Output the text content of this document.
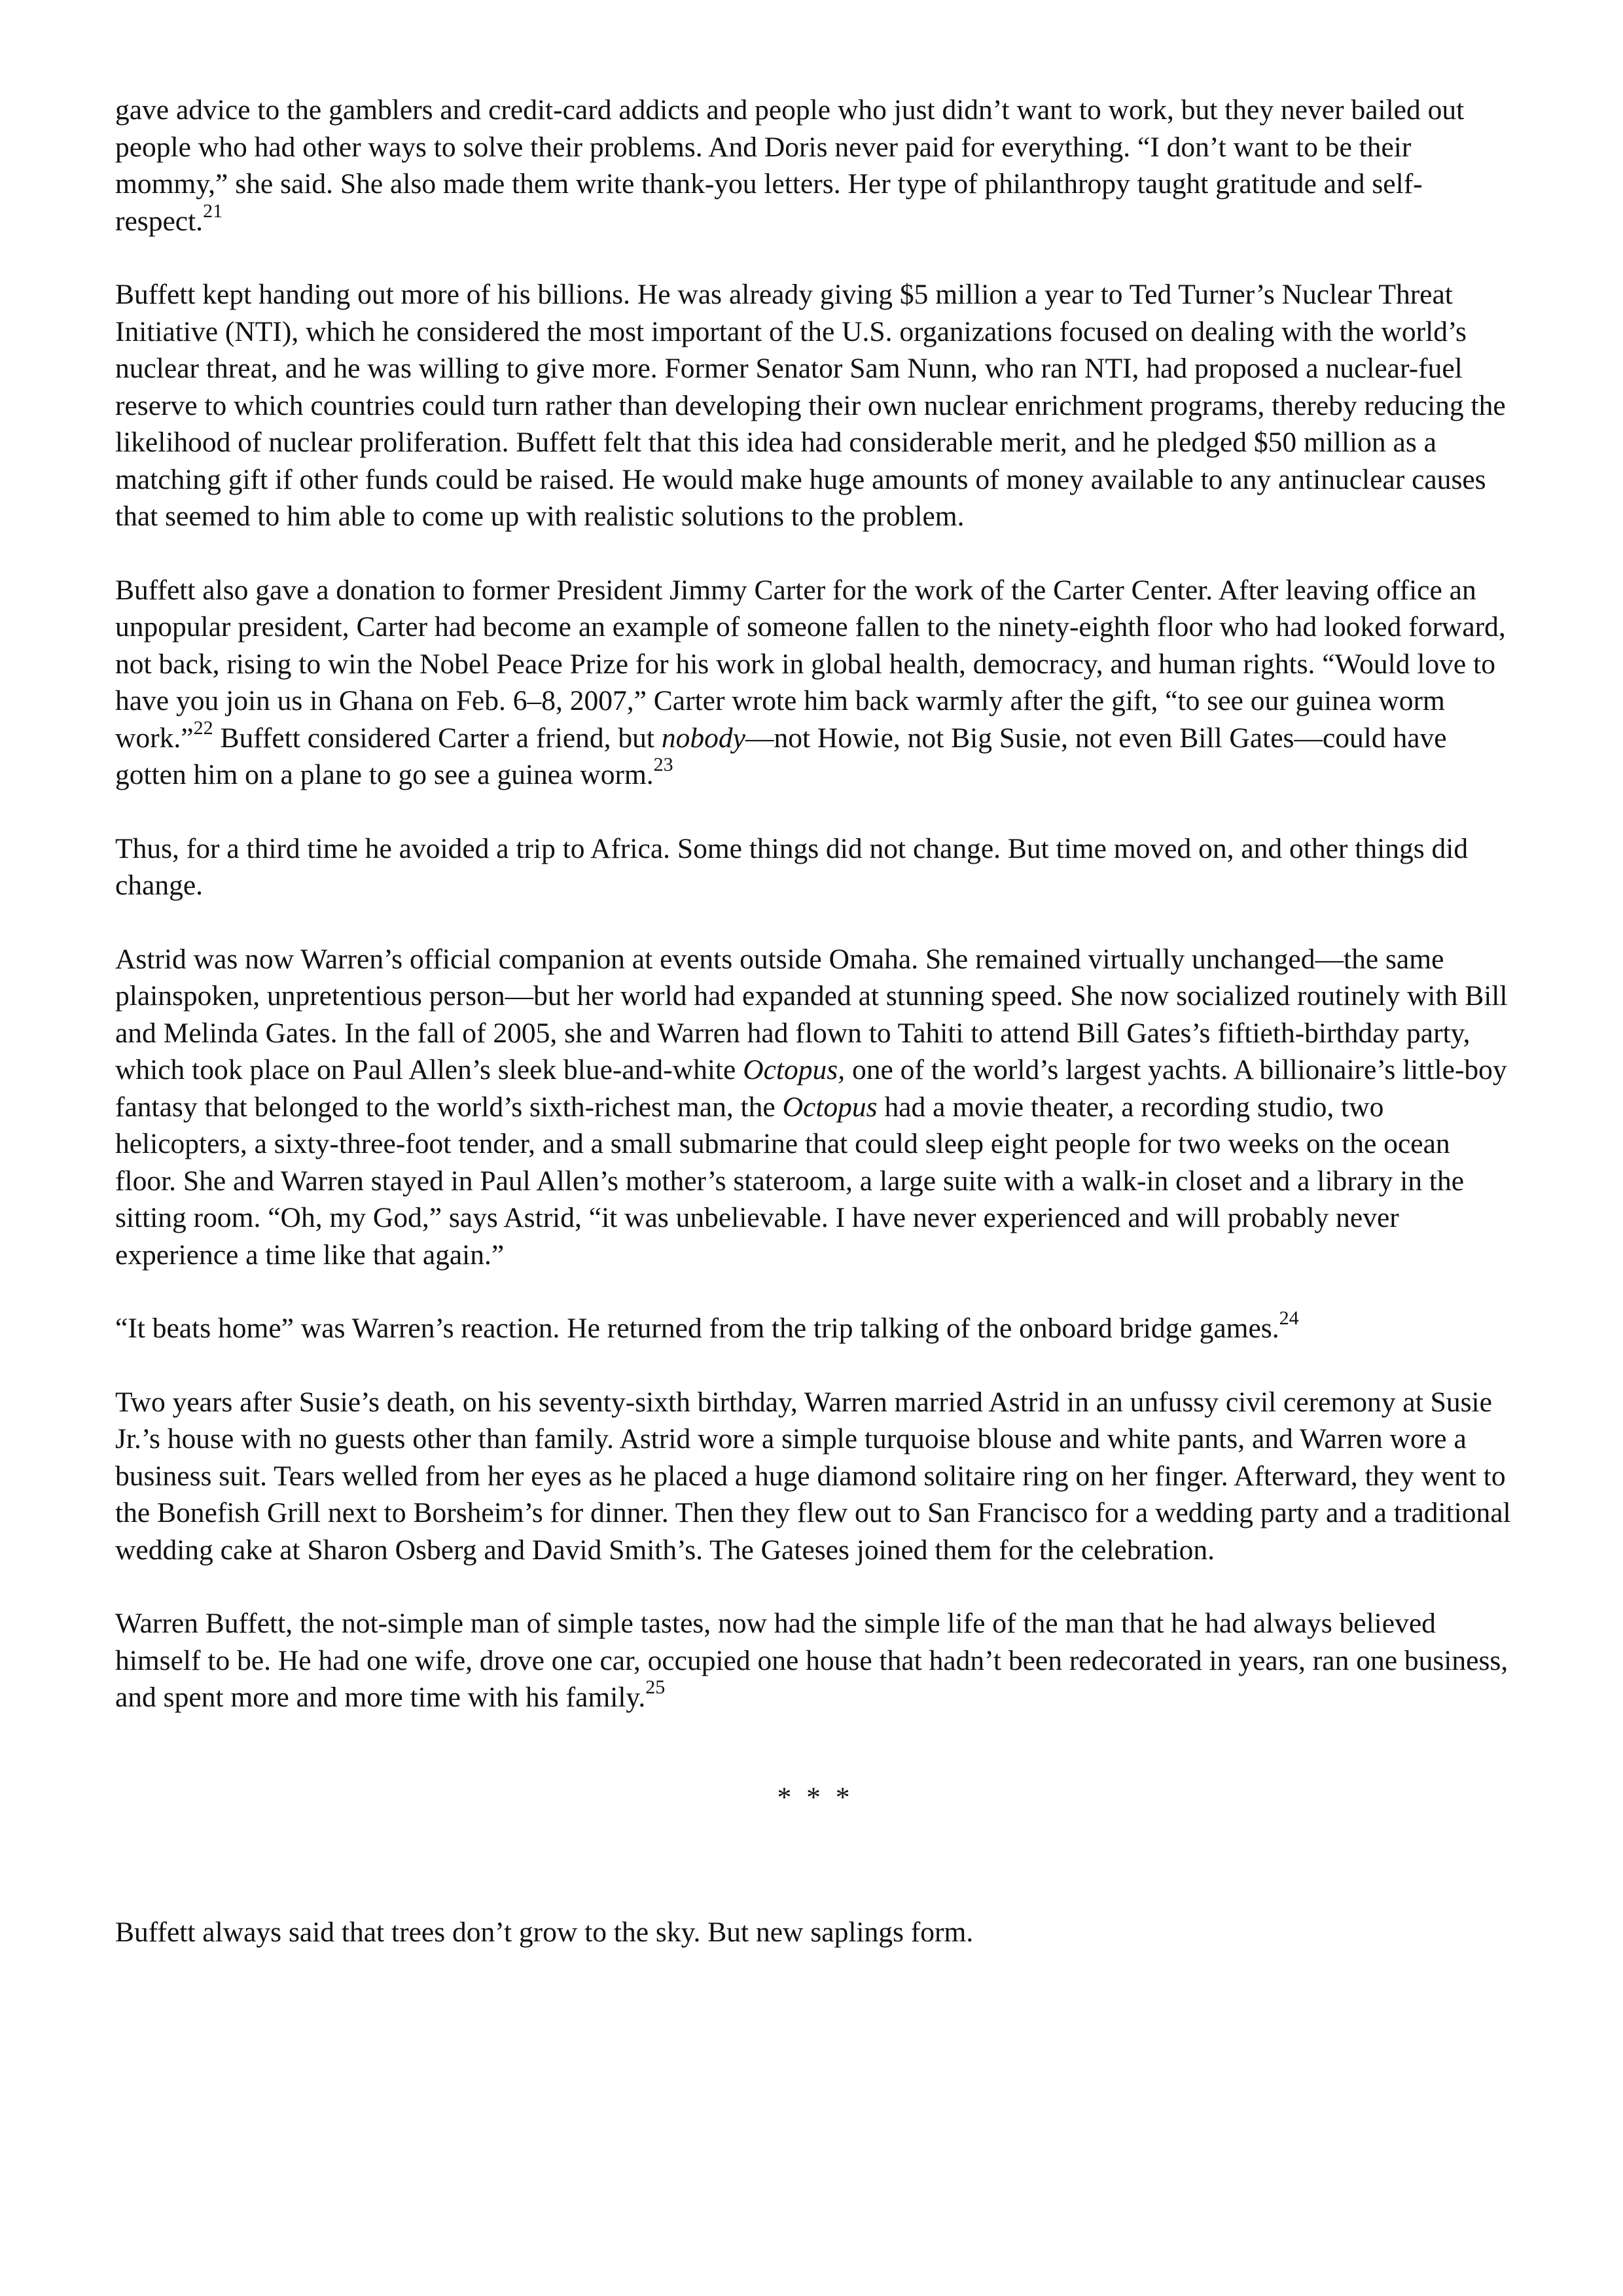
gave advice to the gamblers and credit-card addicts and people who just didn’t want to work, but they never bailed out people who had other ways to solve their problems. And Doris never paid for everything. “I don’t want to be their mommy,” she said. She also made them write thank-you letters. Her type of philanthropy taught gratitude and self-respect.$^{21}$

Buffett kept handing out more of his billions. He was already giving $5 million a year to Ted Turner’s Nuclear Threat Initiative (NTI), which he considered the most important of the U.S. organizations focused on dealing with the world’s nuclear threat, and he was willing to give more. Former Senator Sam Nunn, who ran NTI, had proposed a nuclear-fuel reserve to which countries could turn rather than developing their own nuclear enrichment programs, thereby reducing the likelihood of nuclear proliferation. Buffett felt that this idea had considerable merit, and he pledged $50 million as a matching gift if other funds could be raised. He would make huge amounts of money available to any antinuclear causes that seemed to him able to come up with realistic solutions to the problem.

Buffett also gave a donation to former President Jimmy Carter for the work of the Carter Center. After leaving office an unpopular president, Carter had become an example of someone fallen to the ninety-eighth floor who had looked forward, not back, rising to win the Nobel Peace Prize for his work in global health, democracy, and human rights. “Would love to have you join us in Ghana on Feb. 6–8, 2007,” Carter wrote him back warmly after the gift, “to see our guinea worm work.”$^{22}$ Buffett considered Carter a friend, but nobody—not Howie, not Big Susie, not even Bill Gates—could have gotten him on a plane to go see a guinea worm.$^{23}$

Thus, for a third time he avoided a trip to Africa. Some things did not change. But time moved on, and other things did change.

Astrid was now Warren’s official companion at events outside Omaha. She remained virtually unchanged—the same plainspoken, unpretentious person—but her world had expanded at stunning speed. She now socialized routinely with Bill and Melinda Gates. In the fall of 2005, she and Warren had flown to Tahiti to attend Bill Gates’s fiftieth-birthday party, which took place on Paul Allen’s sleek blue-and-white Octopus, one of the world’s largest yachts. A billionaire’s little-boy fantasy that belonged to the world’s sixth-richest man, the Octopus had a movie theater, a recording studio, two helicopters, a sixty-three-foot tender, and a small submarine that could sleep eight people for two weeks on the ocean floor. She and Warren stayed in Paul Allen’s mother’s stateroom, a large suite with a walk-in closet and a library in the sitting room. “Oh, my God,” says Astrid, “it was unbelievable. I have never experienced and will probably never experience a time like that again.”

“It beats home” was Warren’s reaction. He returned from the trip talking of the onboard bridge games.$^{24}$

Two years after Susie’s death, on his seventy-sixth birthday, Warren married Astrid in an unfussy civil ceremony at Susie Jr.’s house with no guests other than family. Astrid wore a simple turquoise blouse and white pants, and Warren wore a business suit. Tears welled from her eyes as he placed a huge diamond solitaire ring on her finger. Afterward, they went to the Bonefish Grill next to Borsheim’s for dinner. Then they flew out to San Francisco for a wedding party and a traditional wedding cake at Sharon Osberg and David Smith’s. The Gateses joined them for the celebration.

Warren Buffett, the not-simple man of simple tastes, now had the simple life of the man that he had always believed himself to be. He had one wife, drove one car, occupied one house that hadn’t been redecorated in years, ran one business, and spent more and more time with his family.$^{25}$

* * *

Buffett always said that trees don’t grow to the sky. But new saplings form.
